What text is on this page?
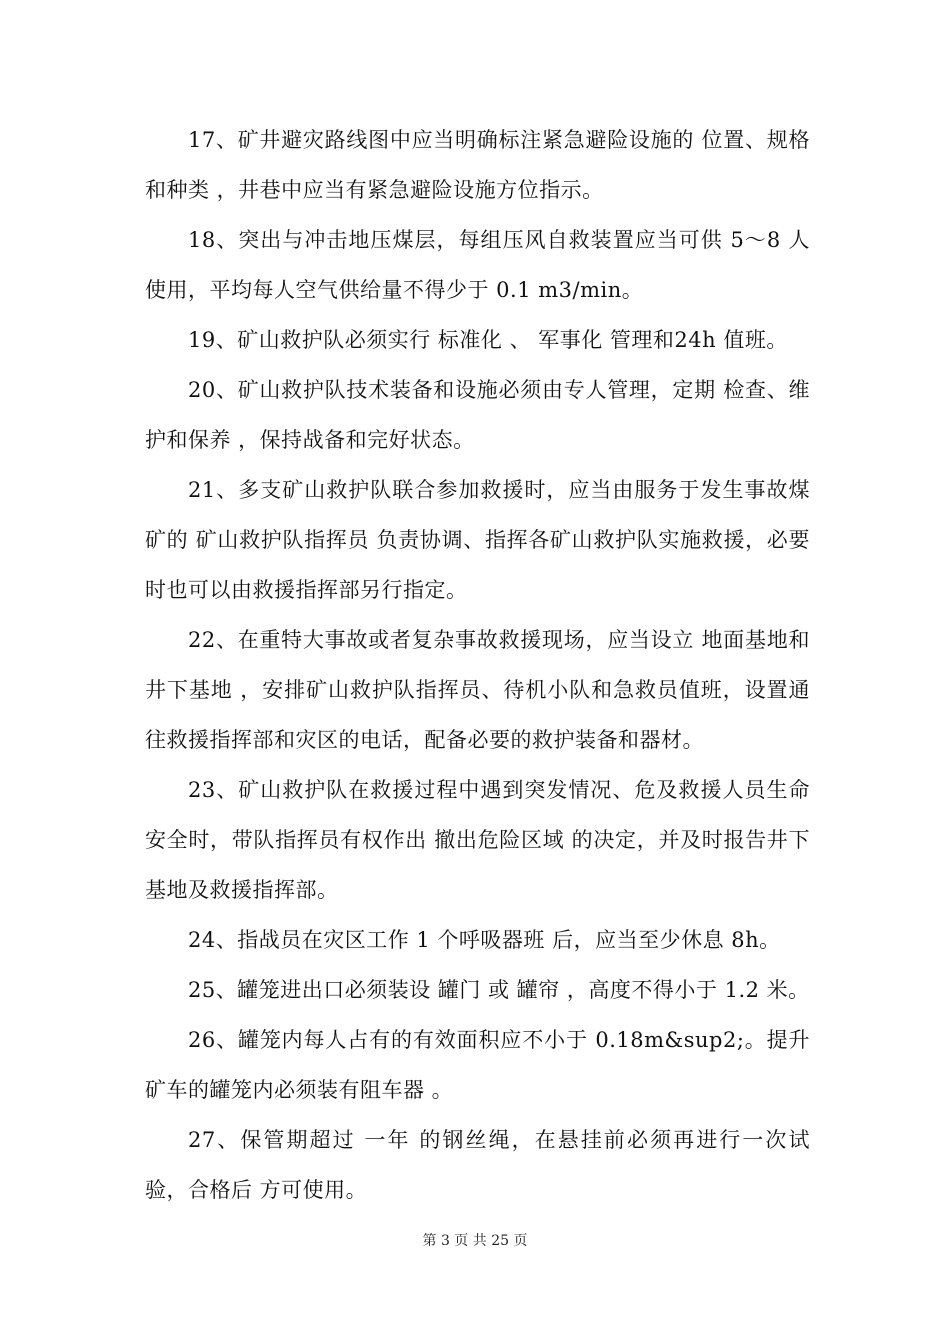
17、矿井避灾路线图中应当明确标注紧急避险设施的 位置、规格和种类 ，井巷中应当有紧急避险设施方位指示。

18、突出与冲击地压煤层，每组压风自救装置应当可供 5～8 人使用，平均每人空气供给量不得少于 0.1 m3/min。

19、矿山救护队必须实行 标准化 、 军事化 管理和24h 值班。

20、矿山救护队技术装备和设施必须由专人管理，定期 检查、维护和保养 ，保持战备和完好状态。

21、多支矿山救护队联合参加救援时，应当由服务于发生事故煤矿的 矿山救护队指挥员 负责协调、指挥各矿山救护队实施救援，必要时也可以由救援指挥部另行指定。

22、在重特大事故或者复杂事故救援现场，应当设立 地面基地和 井下基地 ，安排矿山救护队指挥员、待机小队和急救员值班，设置通往救援指挥部和灾区的电话，配备必要的救护装备和器材。

23、矿山救护队在救援过程中遇到突发情况、危及救援人员生命安全时，带队指挥员有权作出 撤出危险区域 的决定，并及时报告井下基地及救援指挥部。

24、指战员在灾区工作 1 个呼吸器班 后，应当至少休息 8h。

25、罐笼进出口必须装设 罐门 或 罐帘 ，高度不得小于 1.2 米。

26、罐笼内每人占有的有效面积应不小于 0.18m&sup2;。提升矿车的罐笼内必须装有阻车器 。

27、保管期超过 一年 的钢丝绳，在悬挂前必须再进行一次试验，合格后 方可使用。

第 3 页 共 25 页
